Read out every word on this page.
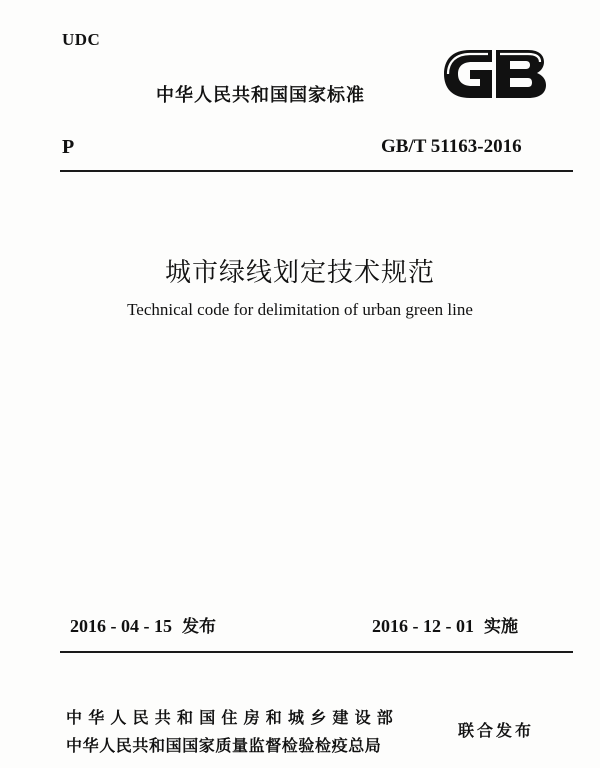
UDC
中华人民共和国国家标准
P	GB/T 51163-2016
城市绿线划定技术规范
Technical code for delimitation of urban green line
2016 - 04 - 15 发布	2016 - 12 - 01 实施
中华人民共和国住房和城乡建设部
中华人民共和国国家质量监督检验检疫总局
联合发布
